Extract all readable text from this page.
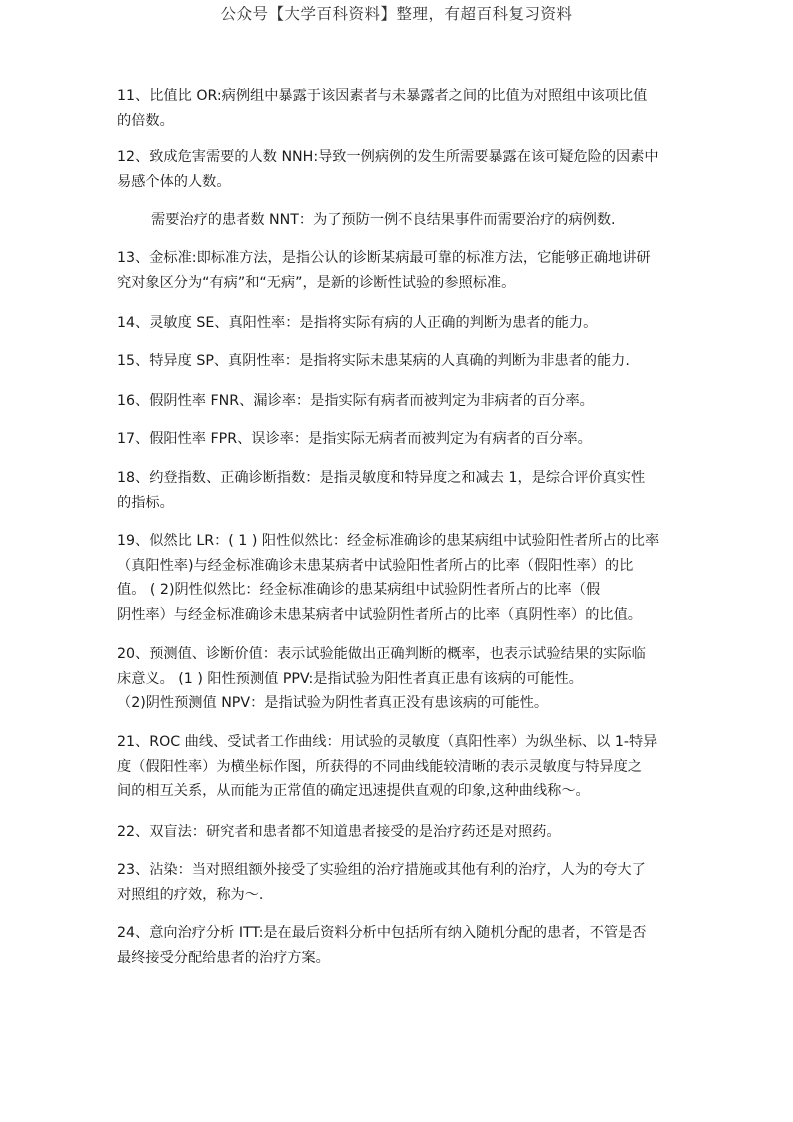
公众号【大学百科资料】整理，有超百科复习资料
11、比值比 OR:病例组中暴露于该因素者与未暴露者之间的比值为对照组中该项比值
的倍数。
12、致成危害需要的人数 NNH:导致一例病例的发生所需要暴露在该可疑危险的因素中
易感个体的人数。
需要治疗的患者数 NNT：为了预防一例不良结果事件而需要治疗的病例数.
13、金标准:即标准方法，是指公认的诊断某病最可靠的标准方法，它能够正确地讲研
究对象区分为“有病”和“无病”，是新的诊断性试验的参照标准。
14、灵敏度 SE、真阳性率：是指将实际有病的人正确的判断为患者的能力。
15、特异度 SP、真阴性率：是指将实际未患某病的人真确的判断为非患者的能力.
16、假阴性率 FNR、漏诊率：是指实际有病者而被判定为非病者的百分率。
17、假阳性率 FPR、误诊率：是指实际无病者而被判定为有病者的百分率。
18、约登指数、正确诊断指数：是指灵敏度和特异度之和减去 1，是综合评价真实性
的指标。
19、似然比 LR：( 1 ) 阳性似然比：经金标准确诊的患某病组中试验阳性者所占的比率
（真阳性率)与经金标准确诊未患某病者中试验阳性者所占的比率（假阳性率）的比
值。 ( 2)阴性似然比：经金标准确诊的患某病组中试验阴性者所占的比率（假
阴性率）与经金标准确诊未患某病者中试验阴性者所占的比率（真阴性率）的比值。
20、预测值、诊断价值：表示试验能做出正确判断的概率，也表示试验结果的实际临
床意义。 (1 ) 阳性预测值 PPV:是指试验为阳性者真正患有该病的可能性。
（2)阴性预测值 NPV：是指试验为阴性者真正没有患该病的可能性。
21、ROC 曲线、受试者工作曲线：用试验的灵敏度（真阳性率）为纵坐标、以 1-特异
度（假阳性率）为横坐标作图，所获得的不同曲线能较清晰的表示灵敏度与特异度之
间的相互关系，从而能为正常值的确定迅速提供直观的印象,这种曲线称～。
22、双盲法：研究者和患者都不知道患者接受的是治疗药还是对照药。
23、沾染：当对照组额外接受了实验组的治疗措施或其他有利的治疗，人为的夸大了
对照组的疗效，称为～.
24、意向治疗分析 ITT:是在最后资料分析中包括所有纳入随机分配的患者，不管是否
最终接受分配给患者的治疗方案。
